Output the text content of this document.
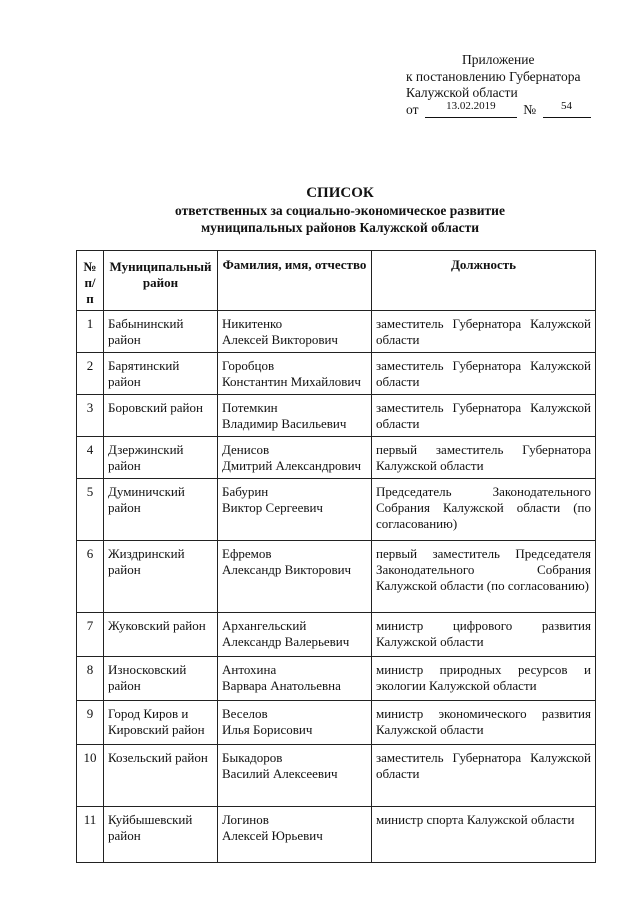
Приложение
к постановлению Губернатора
Калужской области
от	13.02.2019	№	54
СПИСОК
ответственных за социально-экономическое развитие
муниципальных районов Калужской области
№ п/п	Муниципальный район	Фамилия, имя, отчество	Должность
1	Бабынинский район	Никитенко
Алексей Викторович	заместитель Губернатора Калужской области
2	Барятинский район	Горобцов
Константин Михайлович	заместитель Губернатора Калужской области
3	Боровский район	Потемкин
Владимир Васильевич	заместитель Губернатора Калужской области
4	Дзержинский район	Денисов
Дмитрий Александрович	первый заместитель Губернатора Калужской области
5	Думиничский район	Бабурин
Виктор Сергеевич	Председатель Законодательного Собрания Калужской области (по согласованию)
6	Жиздринский район	Ефремов
Александр Викторович	первый заместитель Председателя Законодательного Собрания Калужской области (по согласованию)
7	Жуковский район	Архангельский
Александр Валерьевич	министр цифрового развития Калужской области
8	Износковский район	Антохина
Варвара Анатольевна	министр природных ресурсов и экологии Калужской области
9	Город Киров и Кировский район	Веселов
Илья Борисович	министр экономического развития Калужской области
10	Козельский район	Быкадоров
Василий Алексеевич	заместитель Губернатора Калужской области
11	Куйбышевский район	Логинов
Алексей Юрьевич	министр спорта Калужской области
